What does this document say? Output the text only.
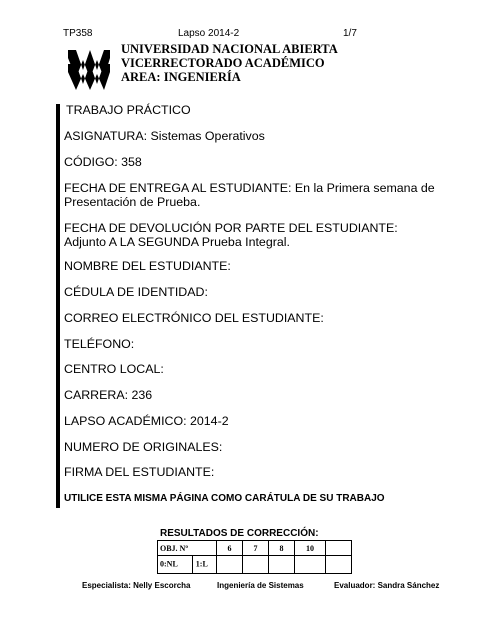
TP358	Lapso 2014-2	1/7
UNIVERSIDAD NACIONAL ABIERTA
VICERRECTORADO ACADÉMICO
AREA: INGENIERÍA
TRABAJO PRÁCTICO
ASIGNATURA: Sistemas Operativos
CÓDIGO: 358
FECHA DE ENTREGA AL ESTUDIANTE: En la Primera semana de
Presentación de Prueba.
FECHA DE DEVOLUCIÓN POR PARTE DEL ESTUDIANTE:
Adjunto A LA SEGUNDA Prueba Integral.
NOMBRE DEL ESTUDIANTE:
CÉDULA DE IDENTIDAD:
CORREO ELECTRÓNICO DEL ESTUDIANTE:
TELÉFONO:
CENTRO LOCAL:
CARRERA: 236
LAPSO ACADÉMICO: 2014-2
NUMERO DE ORIGINALES:
FIRMA DEL ESTUDIANTE:
UTILICE ESTA MISMA PÁGINA COMO CARÁTULA DE SU TRABAJO
RESULTADOS DE CORRECCIÓN:
OBJ. Nº	6	7	8	10	
0:NL 1:L					
Especialista: Nelly Escorcha	Ingeniería de Sistemas	Evaluador: Sandra Sánchez
